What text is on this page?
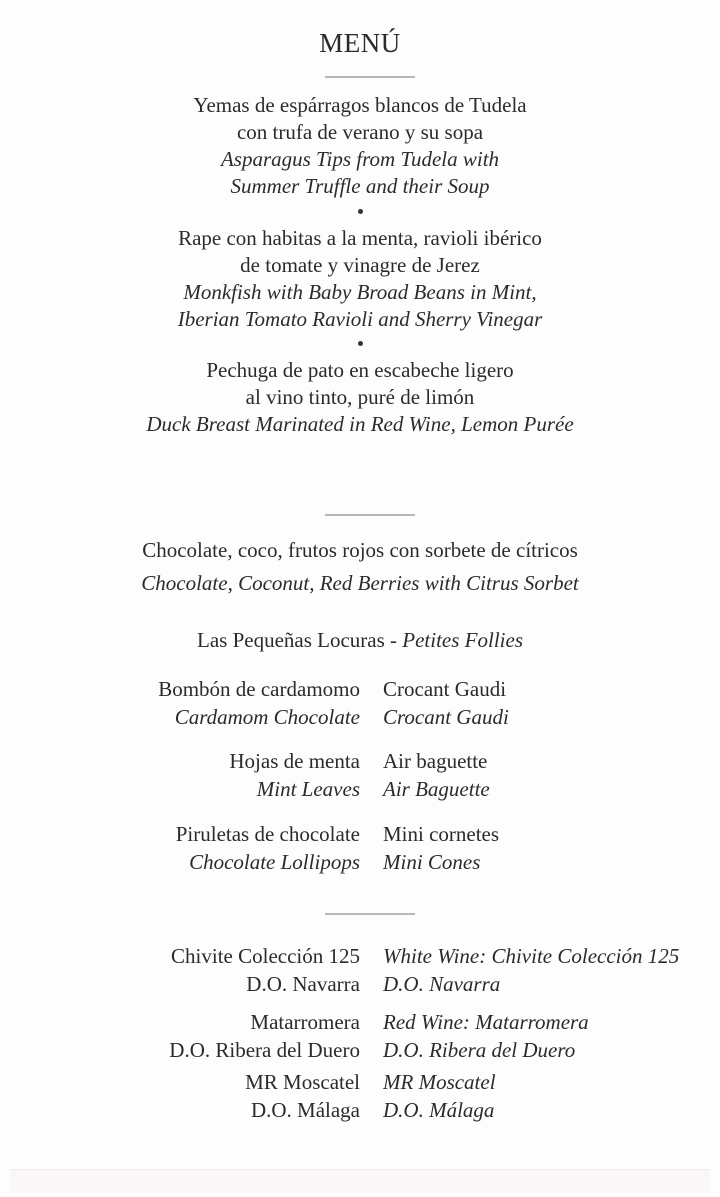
MENÚ
Yemas de espárragos blancos de Tudela
con trufa de verano y su sopa
Asparagus Tips from Tudela with
Summer Truffle and their Soup
Rape con habitas a la menta, ravioli ibérico
de tomate y vinagre de Jerez
Monkfish with Baby Broad Beans in Mint,
Iberian Tomato Ravioli and Sherry Vinegar
Pechuga de pato en escabeche ligero
al vino tinto, puré de limón
Duck Breast Marinated in Red Wine, Lemon Purée
Chocolate, coco, frutos rojos con sorbete de cítricos
Chocolate, Coconut, Red Berries with Citrus Sorbet
Las Pequeñas Locuras - Petites Follies
Bombón de cardamomo
Cardamom Chocolate
Crocant Gaudi
Crocant Gaudi
Hojas de menta
Mint Leaves
Air baguette
Air Baguette
Piruletas de chocolate
Chocolate Lollipops
Mini cornetes
Mini Cones
Chivite Colección 125
D.O. Navarra
White Wine: Chivite Colección 125
D.O. Navarra
Matarromera
D.O. Ribera del Duero
Red Wine: Matarromera
D.O. Ribera del Duero
MR Moscatel
D.O. Málaga
MR Moscatel
D.O. Málaga
